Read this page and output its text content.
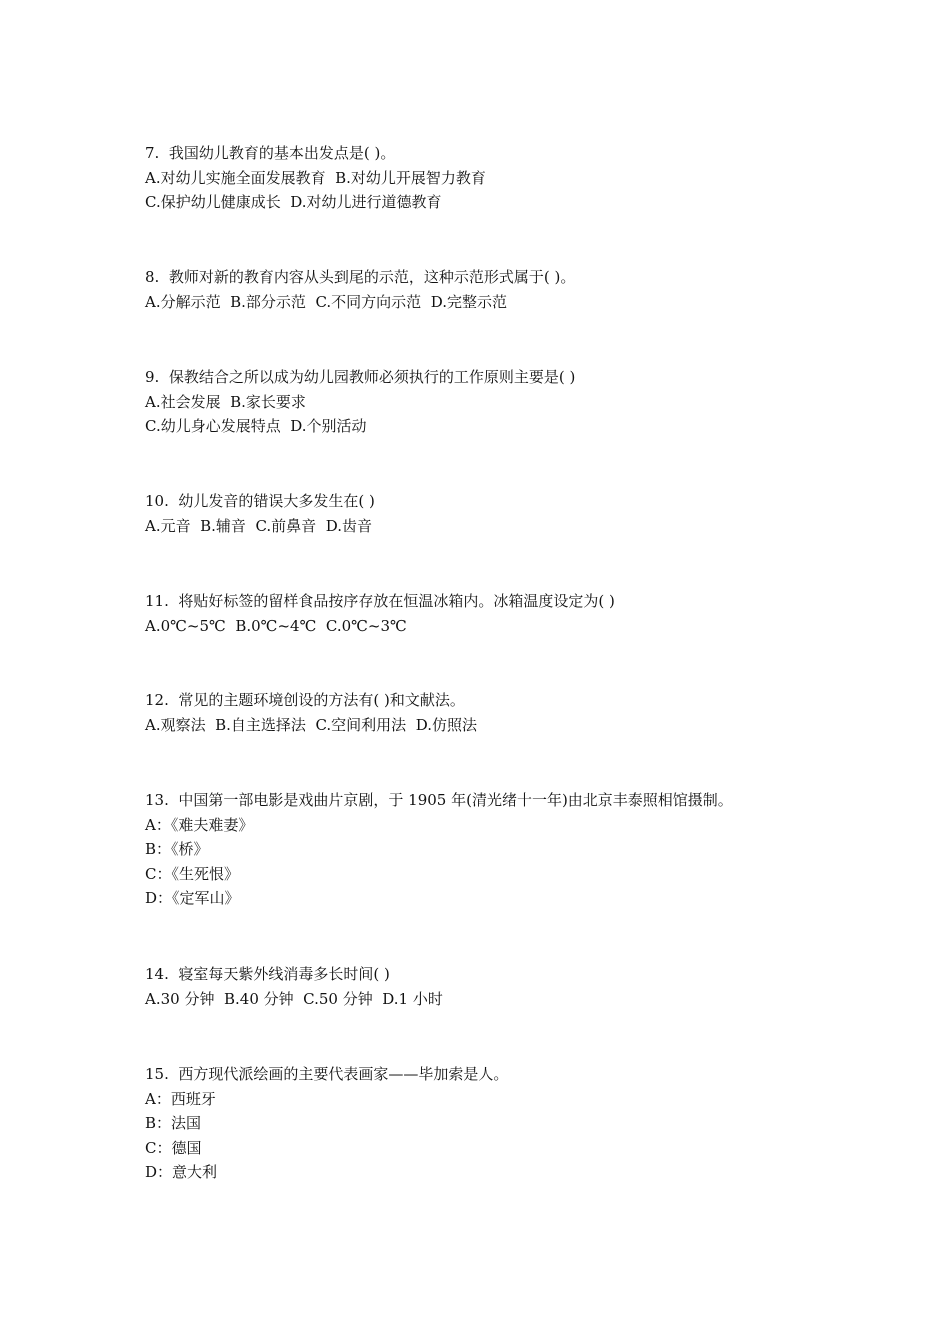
7.  我国幼儿教育的基本出发点是( )。
A.对幼儿实施全面发展教育  B.对幼儿开展智力教育
C.保护幼儿健康成长  D.对幼儿进行道德教育
8.  教师对新的教育内容从头到尾的示范，这种示范形式属于( )。
A.分解示范  B.部分示范  C.不同方向示范  D.完整示范
9.  保教结合之所以成为幼儿园教师必须执行的工作原则主要是( )
A.社会发展  B.家长要求
C.幼儿身心发展特点  D.个别活动
10.  幼儿发音的错误大多发生在( )
A.元音  B.辅音  C.前鼻音  D.齿音
11.  将贴好标签的留样食品按序存放在恒温冰箱内。冰箱温度设定为( )
A.0℃~5℃  B.0℃~4℃  C.0℃~3℃
12.  常见的主题环境创设的方法有( )和文献法。
A.观察法  B.自主选择法  C.空间利用法  D.仿照法
13.  中国第一部电影是戏曲片京剧，于 1905 年(清光绪十一年)由北京丰泰照相馆摄制。
A：《难夫难妻》
B：《桥》
C：《生死恨》
D：《定军山》
14.  寝室每天紫外线消毒多长时间( )
A.30 分钟  B.40 分钟  C.50 分钟  D.1 小时
15.  西方现代派绘画的主要代表画家——毕加索是人。
A：西班牙
B：法国
C：德国
D：意大利
